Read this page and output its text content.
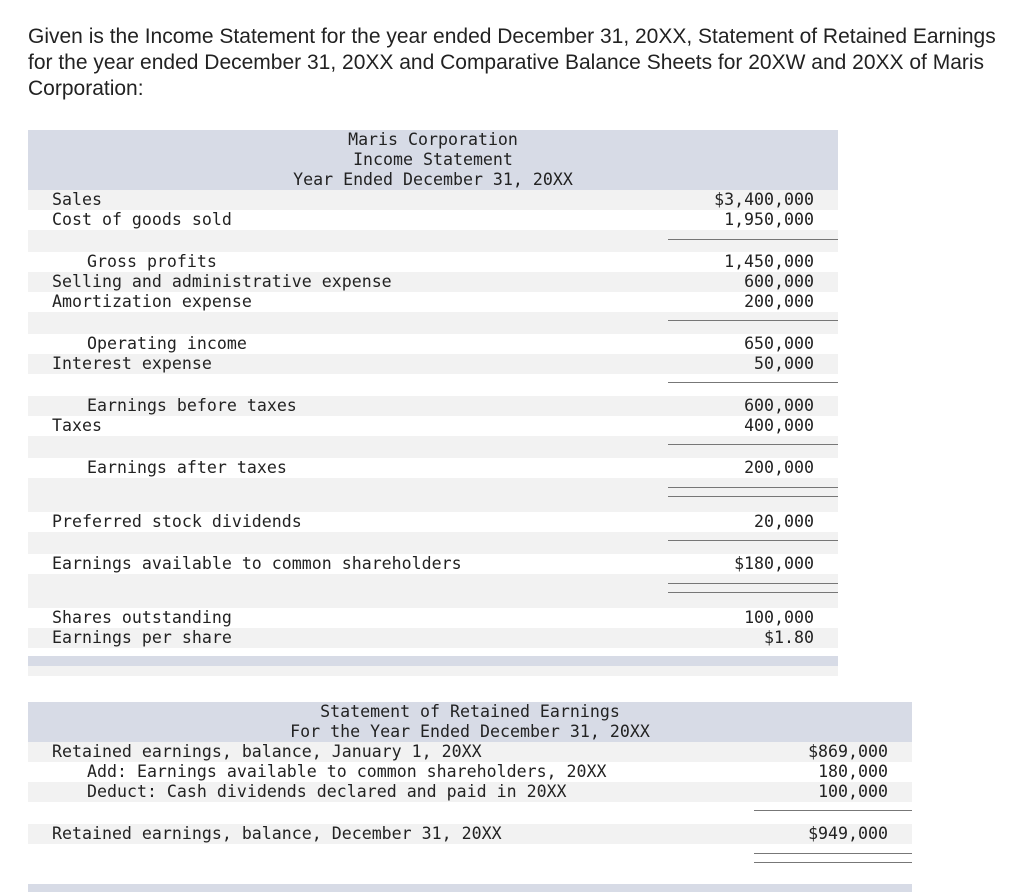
Given is the Income Statement for the year ended December 31, 20XX, Statement of Retained Earnings for the year ended December 31, 20XX and Comparative Balance Sheets for 20XW and 20XX of Maris Corporation:
Maris Corporation
Income Statement
Year Ended December 31, 20XX
Sales
Cost of goods sold
Gross profits
Selling and administrative expense
Amortization expense
Operating income
Interest expense
Earnings before taxes
Taxes
Earnings after taxes
Preferred stock dividends
Earnings available to common shareholders
Shares outstanding
Earnings per share
$3,400,000
1,950,000
1,450,000
600,000
200,000
650,000
50,000
600,000
400,000
200,000
20,000
$180,000
100,000
$1.80
Statement of Retained Earnings
For the Year Ended December 31, 20XX
Retained earnings, balance, January 1, 20XX
Add: Earnings available to common shareholders, 20XX
Deduct: Cash dividends declared and paid in 20XX
Retained earnings, balance, December 31, 20XX
$869,000
180,000
100,000
$949,000
